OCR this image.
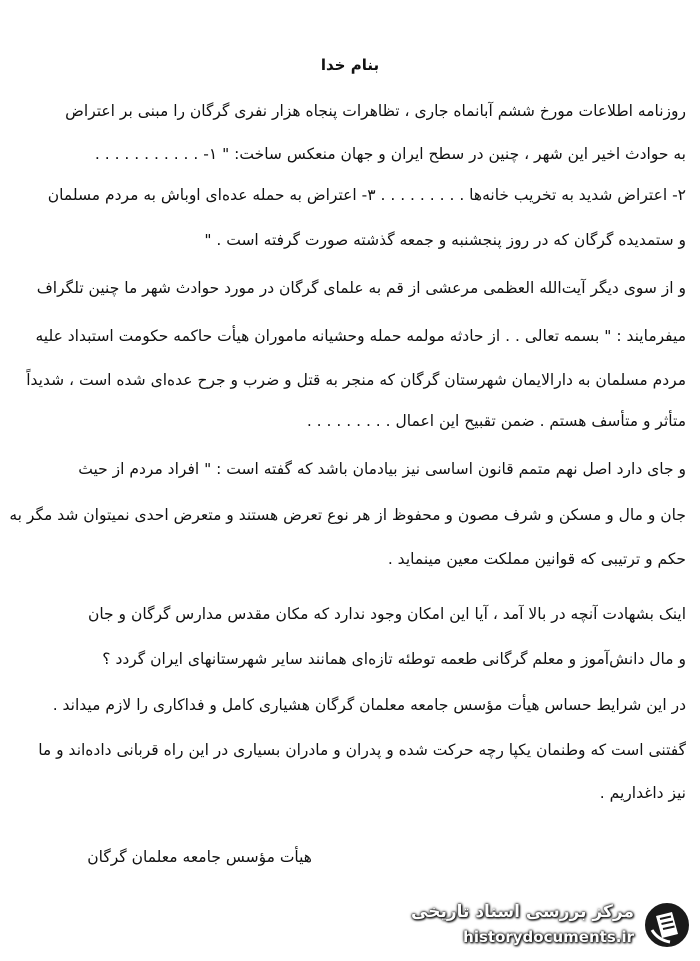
بنام خدا
روزنامه اطلاعات مورخ ششم آبانماه جاری ، تظاهرات پنجاه هزار نفری گرگان را مبنی بر اعتراض
به حوادث اخیر این شهر ، چنین در سطح ایران و جهان منعکس ساخت: " ۱- . . . . . . . . . . .
۲- اعتراض شدید به تخریب خانه‌ها . . . . . . . . . ۳- اعتراض به حمله عده‌ای اوباش به مردم مسلمان
و ستمدیده گرگان که در روز پنجشنبه و جمعه گذشته صورت گرفته است . "
و از سوی دیگر آیت‌الله العظمی مرعشی از قم به علمای گرگان در مورد حوادث شهر ما چنین تلگراف
میفرمایند : " بسمه تعالی . . از حادثه مولمه حمله وحشیانه ماموران هیأت حاکمه حکومت استبداد علیه
مردم مسلمان به دارالایمان شهرستان گرگان که منجر به قتل و ضرب و جرح عده‌ای شده است ، شدیداً
متأثر و متأسف هستم . ضمن تقبیح این اعمال . . . . . . . . .
و جای دارد اصل نهم متمم قانون اساسی نیز بیادمان باشد که گفته است : " افراد مردم از حیث
جان و مال و مسکن و شرف مصون و محفوظ از هر نوع تعرض هستند و متعرض احدی نمیتوان شد مگر به
حکم و ترتیبی که قوانین مملکت معین مینماید .
اینک بشهادت آنچه در بالا آمد ، آیا این امکان وجود ندارد که مکان مقدس مدارس گرگان و جان
و مال دانش‌آموز و معلم گرگانی طعمه توطئه تازه‌ای همانند سایر شهرستانهای ایران گردد ؟
در این شرایط حساس هیأت مؤسس جامعه معلمان گرگان هشیاری کامل و فداکاری را لازم میداند .
گفتنی است که وطنمان یکپا رچه حرکت شده و پدران و مادران بسیاری در این راه قربانی داده‌اند و ما
نیز داغداریم .
هیأت مؤسس جامعه معلمان گرگان
مرکز بررسی اسناد تاریخی
historydocuments.ir
